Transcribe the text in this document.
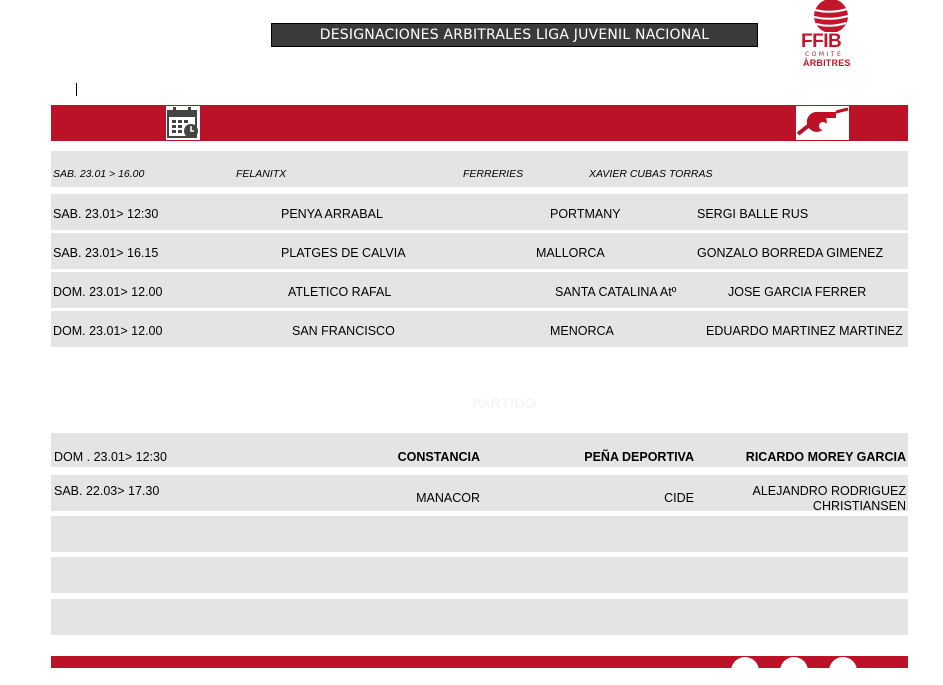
DESIGNACIONES ARBITRALES LIGA JUVENIL NACIONAL	FFIB
COMITE
ÀRBITRES
SAB. 23.01 > 16.00	FELANITX	FERRERIES	XAVIER CUBAS TORRAS
SAB. 23.01> 12:30	PENYA ARRABAL	PORTMANY	SERGI BALLE RUS
SAB. 23.01> 16.15	PLATGES DE CALVIA	MALLORCA	GONZALO BORREDA GIMENEZ
DOM. 23.01> 12.00	ATLETICO RAFAL	SANTA CATALINA Atº	JOSE GARCIA FERRER
DOM. 23.01> 12.00	SAN FRANCISCO	MENORCA	EDUARDO MARTINEZ MARTINEZ
PARTIDO
DOM . 23.01> 12:30	CONSTANCIA	PEÑA DEPORTIVA	RICARDO MOREY GARCIA
SAB. 22.03> 17.30	MANACOR	CIDE	ALEJANDRO RODRIGUEZ
CHRISTIANSEN
